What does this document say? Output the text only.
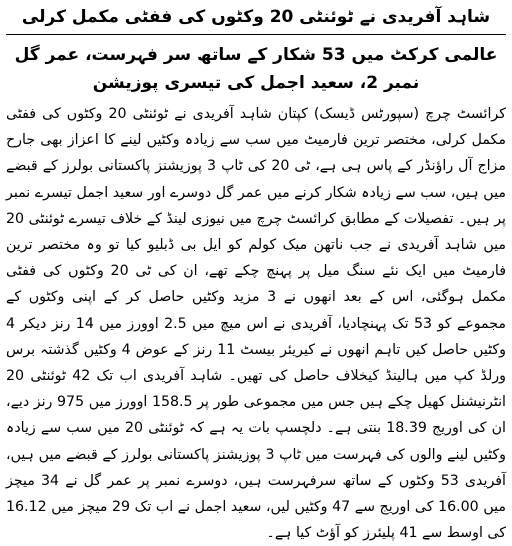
شاہد آفریدی نے ٹوئنٹی 20 وکٹوں کی ففٹی مکمل کرلی
عالمی کرکٹ میں 53 شکار کے ساتھ سر فہرست، عمر گل نمبر 2، سعید اجمل کی تیسری پوزیشن

کرائسٹ چرچ (سپورٹس ڈیسک) کپتان شاہد آفریدی نے ٹوئنٹی 20 وکٹوں کی ففٹی مکمل کرلی، مختصر ترین فارمیٹ میں سب سے زیادہ وکٹیں لینے کا اعزاز بھی جارح مزاج آل راؤنڈر کے پاس ہی ہے، ٹی 20 کی ٹاپ 3 پوزیشنز پاکستانی بولرز کے قبضے میں ہیں، سب سے زیادہ شکار کرنے میں عمر گل دوسرے اور سعید اجمل تیسرے نمبر پر ہیں۔ تفصیلات کے مطابق کرائسٹ چرچ میں نیوزی لینڈ کے خلاف تیسرے ٹوئنٹی 20 میں شاہد آفریدی نے جب ناتھن میک کولم کو ایل بی ڈبلیو کیا تو وہ مختصر ترین فارمیٹ میں ایک نئے سنگ میل پر پہنچ چکے تھے، ان کی ٹی 20 وکٹوں کی ففٹی مکمل ہوگئی، اس کے بعد انھوں نے 3 مزید وکٹیں حاصل کر کے اپنی وکٹوں کے مجموعے کو 53 تک پہنچادیا، آفریدی نے اس میچ میں 2.5 اوورز میں 14 رنز دیکر 4 وکٹیں حاصل کیں تاہم انھوں نے کیریئر بیسٹ 11 رنز کے عوض 4 وکٹیں گذشتہ برس ورلڈ کپ میں ہالینڈ کیخلاف حاصل کی تھیں۔ شاہد آفریدی اب تک 42 ٹوئنٹی 20 انٹرنیشنل کھیل چکے ہیں جس میں مجموعی طور پر 158.5 اوورز میں 975 رنز دیے، ان کی اوریج 18.39 بنتی ہے۔ دلچسپ بات یہ ہے کہ ٹوئنٹی 20 میں سب سے زیادہ وکٹیں لینے والوں کی فہرست میں ٹاپ 3 پوزیشنز پاکستانی بولرز کے قبضے میں ہیں، آفریدی 53 وکٹوں کے ساتھ سرفہرست ہیں، دوسرے نمبر پر عمر گل نے 34 میچز میں 16.00 کی اوریج سے 47 وکٹیں لیں، سعید اجمل نے اب تک 29 میچز میں 16.12 کی اوسط سے 41 پلیئرز کو آؤٹ کیا ہے۔
